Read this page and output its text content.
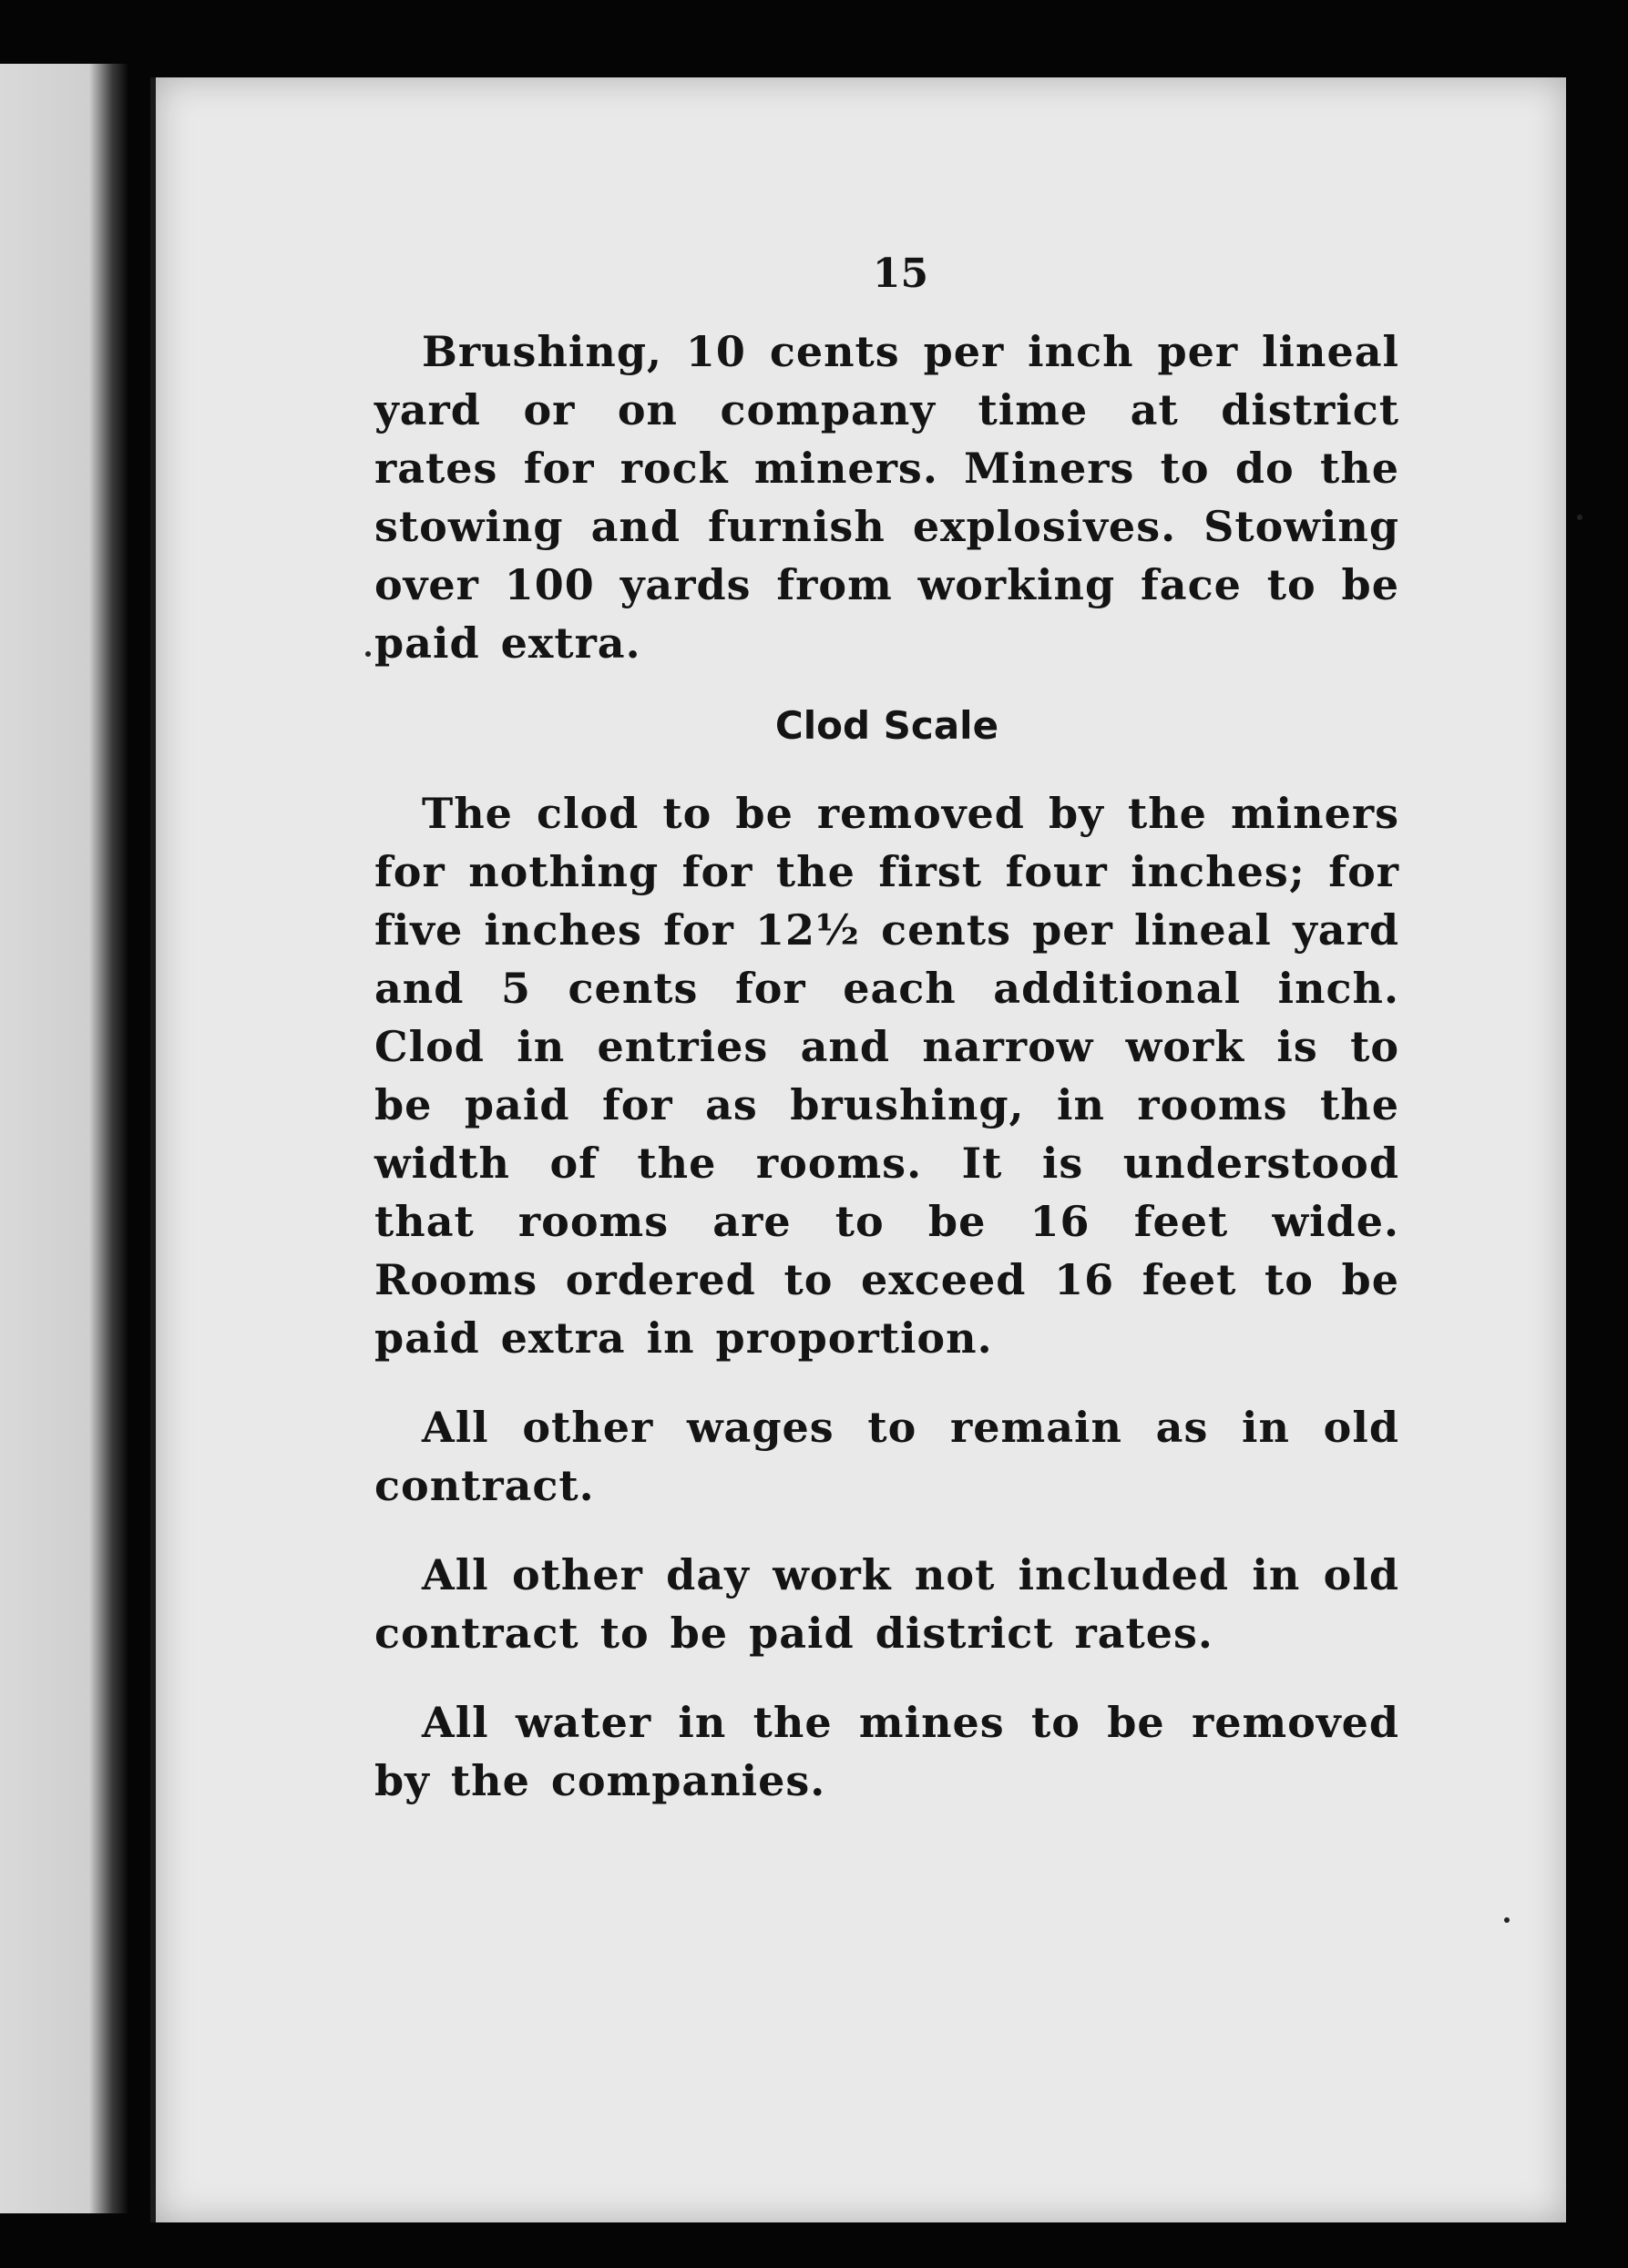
15

Brushing, 10 cents per inch per lineal yard or on company time at district rates for rock miners. Miners to do the stowing and furnish explosives. Stowing over 100 yards from working face to be paid extra.

Clod Scale

The clod to be removed by the miners for nothing for the first four inches; for five inches for 12½ cents per lineal yard and 5 cents for each additional inch. Clod in entries and narrow work is to be paid for as brushing, in rooms the width of the rooms. It is understood that rooms are to be 16 feet wide. Rooms ordered to exceed 16 feet to be paid extra in proportion.

All other wages to remain as in old contract.

All other day work not included in old contract to be paid district rates.

All water in the mines to be removed by the companies.
